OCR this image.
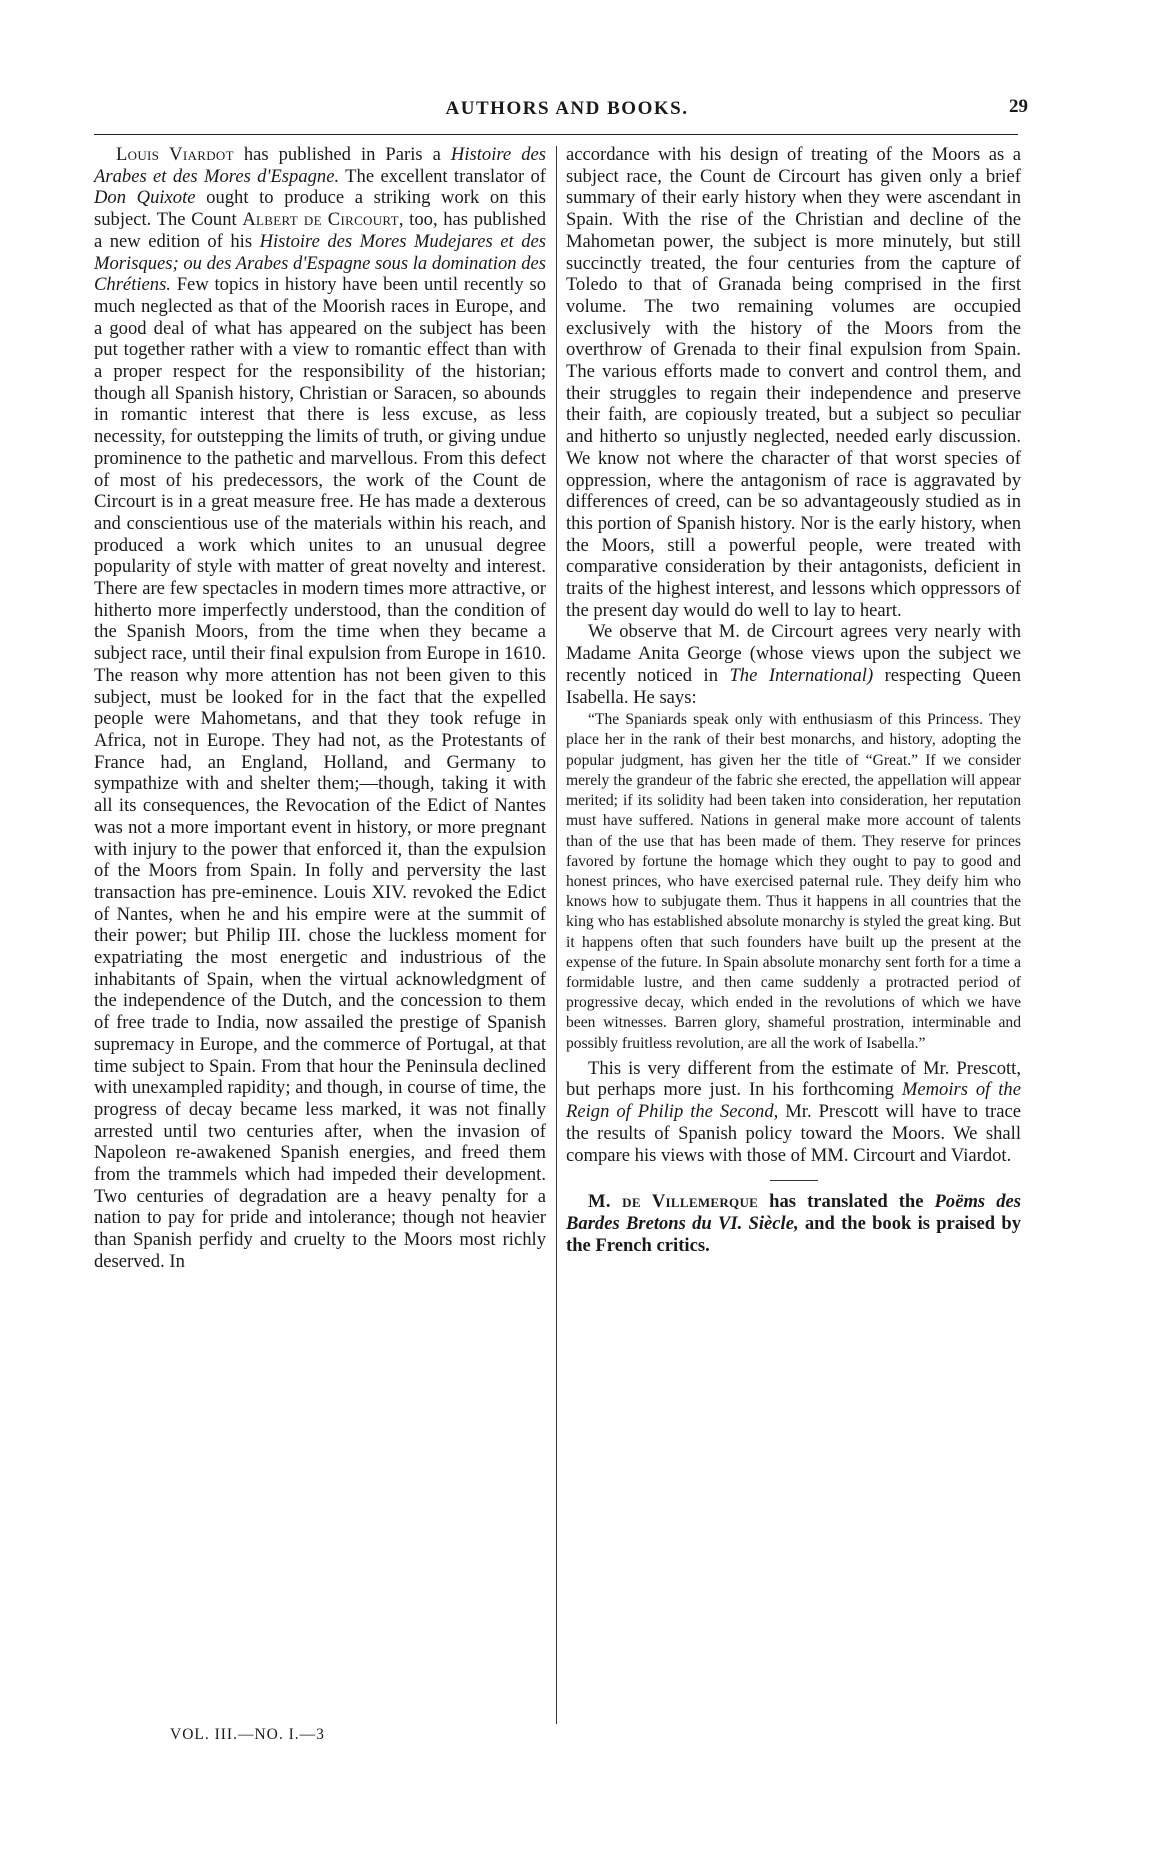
AUTHORS AND BOOKS.	29

Louis Viardot has published in Paris a Histoire des Arabes et des Mores d'Espagne. The excellent translator of Don Quixote ought to produce a striking work on this subject. The Count Albert de Circourt, too, has published a new edition of his Histoire des Mores Mudejares et des Morisques; ou des Arabes d'Espagne sous la domination des Chrétiens. Few topics in history have been until recently so much neglected as that of the Moorish races in Europe, and a good deal of what has appeared on the subject has been put together rather with a view to romantic effect than with a proper respect for the responsibility of the historian; though all Spanish history, Christian or Saracen, so abounds in romantic interest that there is less excuse, as less necessity, for outstepping the limits of truth, or giving undue prominence to the pathetic and marvellous. From this defect of most of his predecessors, the work of the Count de Circourt is in a great measure free. He has made a dexterous and conscientious use of the materials within his reach, and produced a work which unites to an unusual degree popularity of style with matter of great novelty and interest. There are few spectacles in modern times more attractive, or hitherto more imperfectly understood, than the condition of the Spanish Moors, from the time when they became a subject race, until their final expulsion from Europe in 1610. The reason why more attention has not been given to this subject, must be looked for in the fact that the expelled people were Mahometans, and that they took refuge in Africa, not in Europe. They had not, as the Protestants of France had, an England, Holland, and Germany to sympathize with and shelter them;—though, taking it with all its consequences, the Revocation of the Edict of Nantes was not a more important event in history, or more pregnant with injury to the power that enforced it, than the expulsion of the Moors from Spain. In folly and perversity the last transaction has pre-eminence. Louis XIV. revoked the Edict of Nantes, when he and his empire were at the summit of their power; but Philip III. chose the luckless moment for expatriating the most energetic and industrious of the inhabitants of Spain, when the virtual acknowledgment of the independence of the Dutch, and the concession to them of free trade to India, now assailed the prestige of Spanish supremacy in Europe, and the commerce of Portugal, at that time subject to Spain. From that hour the Peninsula declined with unexampled rapidity; and though, in course of time, the progress of decay became less marked, it was not finally arrested until two centuries after, when the invasion of Napoleon re-awakened Spanish energies, and freed them from the trammels which had impeded their development. Two centuries of degradation are a heavy penalty for a nation to pay for pride and intolerance; though not heavier than Spanish perfidy and cruelty to the Moors most richly deserved. In

accordance with his design of treating of the Moors as a subject race, the Count de Circourt has given only a brief summary of their early history when they were ascendant in Spain. With the rise of the Christian and decline of the Mahometan power, the subject is more minutely, but still succinctly treated, the four centuries from the capture of Toledo to that of Granada being comprised in the first volume. The two remaining volumes are occupied exclusively with the history of the Moors from the overthrow of Grenada to their final expulsion from Spain. The various efforts made to convert and control them, and their struggles to regain their independence and preserve their faith, are copiously treated, but a subject so peculiar and hitherto so unjustly neglected, needed early discussion. We know not where the character of that worst species of oppression, where the antagonism of race is aggravated by differences of creed, can be so advantageously studied as in this portion of Spanish history. Nor is the early history, when the Moors, still a powerful people, were treated with comparative consideration by their antagonists, deficient in traits of the highest interest, and lessons which oppressors of the present day would do well to lay to heart.

We observe that M. de Circourt agrees very nearly with Madame Anita George (whose views upon the subject we recently noticed in The International) respecting Queen Isabella. He says:

“The Spaniards speak only with enthusiasm of this Princess. They place her in the rank of their best monarchs, and history, adopting the popular judgment, has given her the title of “Great.” If we consider merely the grandeur of the fabric she erected, the appellation will appear merited; if its solidity had been taken into consideration, her reputation must have suffered. Nations in general make more account of talents than of the use that has been made of them. They reserve for princes favored by fortune the homage which they ought to pay to good and honest princes, who have exercised paternal rule. They deify him who knows how to subjugate them. Thus it happens in all countries that the king who has established absolute monarchy is styled the great king. But it happens often that such founders have built up the present at the expense of the future. In Spain absolute monarchy sent forth for a time a formidable lustre, and then came suddenly a protracted period of progressive decay, which ended in the revolutions of which we have been witnesses. Barren glory, shameful prostration, interminable and possibly fruitless revolution, are all the work of Isabella.”

This is very different from the estimate of Mr. Prescott, but perhaps more just. In his forthcoming Memoirs of the Reign of Philip the Second, Mr. Prescott will have to trace the results of Spanish policy toward the Moors. We shall compare his views with those of MM. Circourt and Viardot.

M. de Villemerque has translated the Poëms des Bardes Bretons du VI. Siècle, and the book is praised by the French critics.

VOL. III.—NO. I.—3
